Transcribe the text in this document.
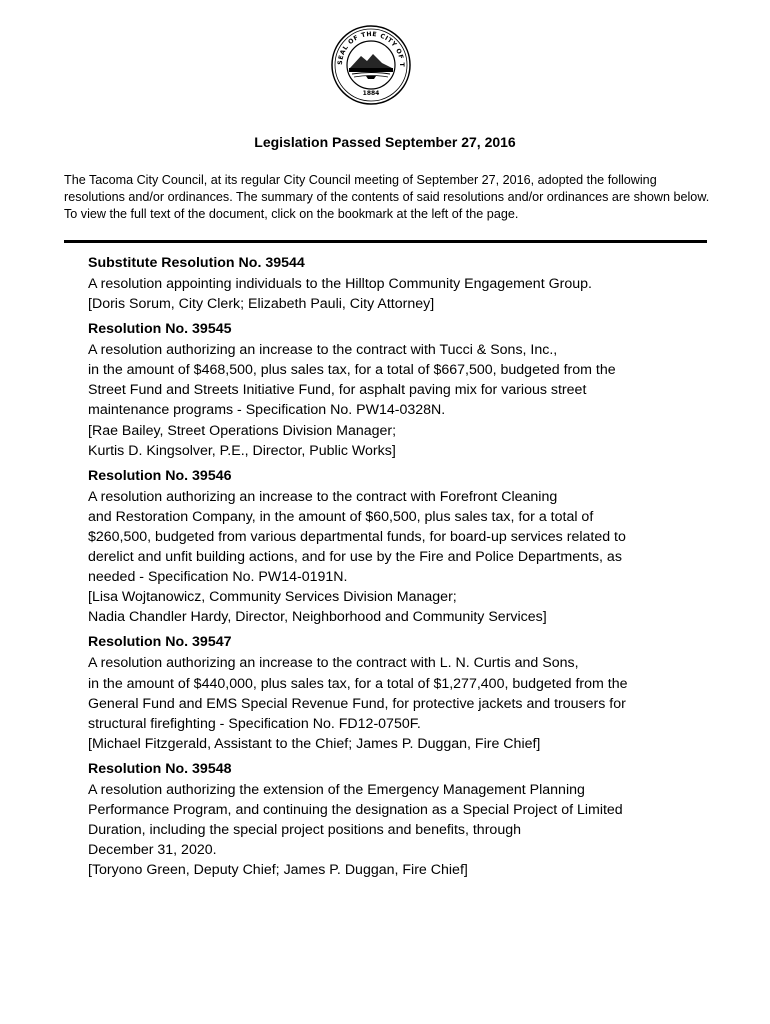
SEAL OF THE CITY OF T
1884
Legislation Passed September 27, 2016
The Tacoma City Council, at its regular City Council meeting of September 27, 2016, adopted the following resolutions and/or ordinances. The summary of the contents of said resolutions and/or ordinances are shown below. To view the full text of the document, click on the bookmark at the left of the page.
Substitute Resolution No. 39544
A resolution appointing individuals to the Hilltop Community Engagement Group.
[Doris Sorum, City Clerk; Elizabeth Pauli, City Attorney]
Resolution No. 39545
A resolution authorizing an increase to the contract with Tucci & Sons, Inc.,
in the amount of $468,500, plus sales tax, for a total of $667,500, budgeted from the
Street Fund and Streets Initiative Fund, for asphalt paving mix for various street
maintenance programs - Specification No. PW14-0328N.
[Rae Bailey, Street Operations Division Manager;
Kurtis D. Kingsolver, P.E., Director, Public Works]
Resolution No. 39546
A resolution authorizing an increase to the contract with Forefront Cleaning
and Restoration Company, in the amount of $60,500, plus sales tax, for a total of
$260,500, budgeted from various departmental funds, for board-up services related to
derelict and unfit building actions, and for use by the Fire and Police Departments, as
needed - Specification No. PW14-0191N.
[Lisa Wojtanowicz, Community Services Division Manager;
Nadia Chandler Hardy, Director, Neighborhood and Community Services]
Resolution No. 39547
A resolution authorizing an increase to the contract with L. N. Curtis and Sons,
in the amount of $440,000, plus sales tax, for a total of $1,277,400, budgeted from the
General Fund and EMS Special Revenue Fund, for protective jackets and trousers for
structural firefighting - Specification No. FD12-0750F.
[Michael Fitzgerald, Assistant to the Chief; James P. Duggan, Fire Chief]
Resolution No. 39548
A resolution authorizing the extension of the Emergency Management Planning
Performance Program, and continuing the designation as a Special Project of Limited
Duration, including the special project positions and benefits, through
December 31, 2020.
[Toryono Green, Deputy Chief; James P. Duggan, Fire Chief]
